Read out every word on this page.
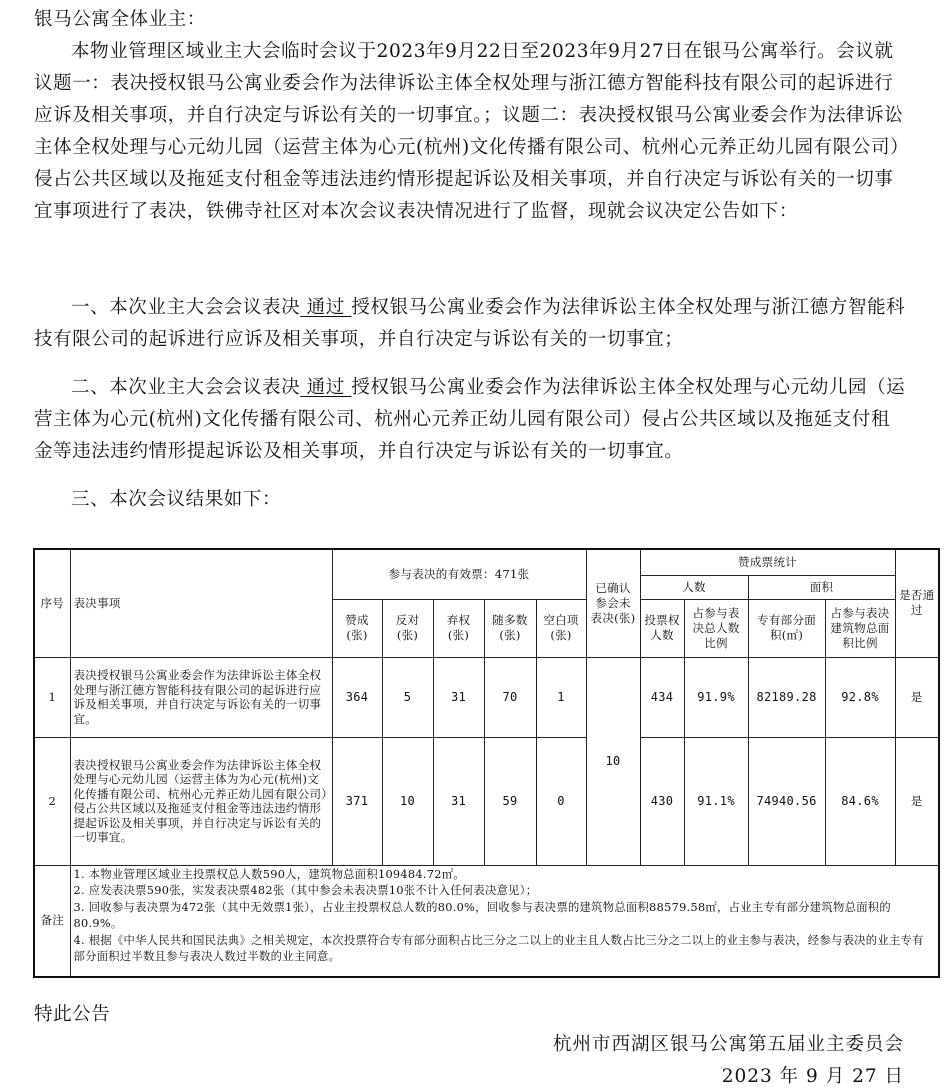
银马公寓全体业主：
本物业管理区域业主大会临时会议于2023年9月22日至2023年9月27日在银马公寓举行。会议就议题一：表决授权银马公寓业委会作为法律诉讼主体全权处理与浙江德方智能科技有限公司的起诉进行应诉及相关事项，并自行决定与诉讼有关的一切事宜。；议题二：表决授权银马公寓业委会作为法律诉讼主体全权处理与心元幼儿园（运营主体为心元(杭州)文化传播有限公司、杭州心元养正幼儿园有限公司）侵占公共区域以及拖延支付租金等违法违约情形提起诉讼及相关事项，并自行决定与诉讼有关的一切事宜事项进行了表决，铁佛寺社区对本次会议表决情况进行了监督，现就会议决定公告如下：
一、本次业主大会会议表决 通过 授权银马公寓业委会作为法律诉讼主体全权处理与浙江德方智能科技有限公司的起诉进行应诉及相关事项，并自行决定与诉讼有关的一切事宜；
二、本次业主大会会议表决 通过 授权银马公寓业委会作为法律诉讼主体全权处理与心元幼儿园（运营主体为心元(杭州)文化传播有限公司、杭州心元养正幼儿园有限公司）侵占公共区域以及拖延支付租金等违法违约情形提起诉讼及相关事项，并自行决定与诉讼有关的一切事宜。
三、本次会议结果如下：
序号	表决事项	参与表决的有效票：471张					已确认参会未表决(张)	赞成票统计				是否通过
								人数		面积		
		赞成(张)	反对(张)	弃权(张)	随多数(张)	空白项(张)		投票权人数	占参与表决总人数比例	专有部分面积(㎡)	占参与表决建筑物总面积比例	
1	表决授权银马公寓业委会作为法律诉讼主体全权处理与浙江德方智能科技有限公司的起诉进行应诉及相关事项，并自行决定与诉讼有关的一切事宜。	364	5	31	70	1	10	434	91.9%	82189.28	92.8%	是
2	表决授权银马公寓业委会作为法律诉讼主体全权处理与心元幼儿园（运营主体为为心元(杭州)文化传播有限公司、杭州心元养正幼儿园有限公司）侵占公共区域以及拖延支付租金等违法违约情形提起诉讼及相关事项，并自行决定与诉讼有关的一切事宜。	371	10	31	59	0		430	91.1%	74940.56	84.6%	是
备注	1. 本物业管理区域业主投票权总人数590人，建筑物总面积109484.72㎡。
2. 应发表决票590张，实发表决票482张（其中参会未表决票10张不计入任何表决意见）；
3. 回收参与表决票为472张（其中无效票1张），占业主投票权总人数的80.0%，回收参与表决票的建筑物总面积88579.58㎡，占业主专有部分建筑物总面积的80.9%。
4. 根据《中华人民共和国民法典》之相关规定，本次投票符合专有部分面积占比三分之二以上的业主且人数占比三分之二以上的业主参与表决，经参与表决的业主专有部分面积过半数且参与表决人数过半数的业主同意。											
特此公告
杭州市西湖区银马公寓第五届业主委员会
2023 年 9 月 27 日
